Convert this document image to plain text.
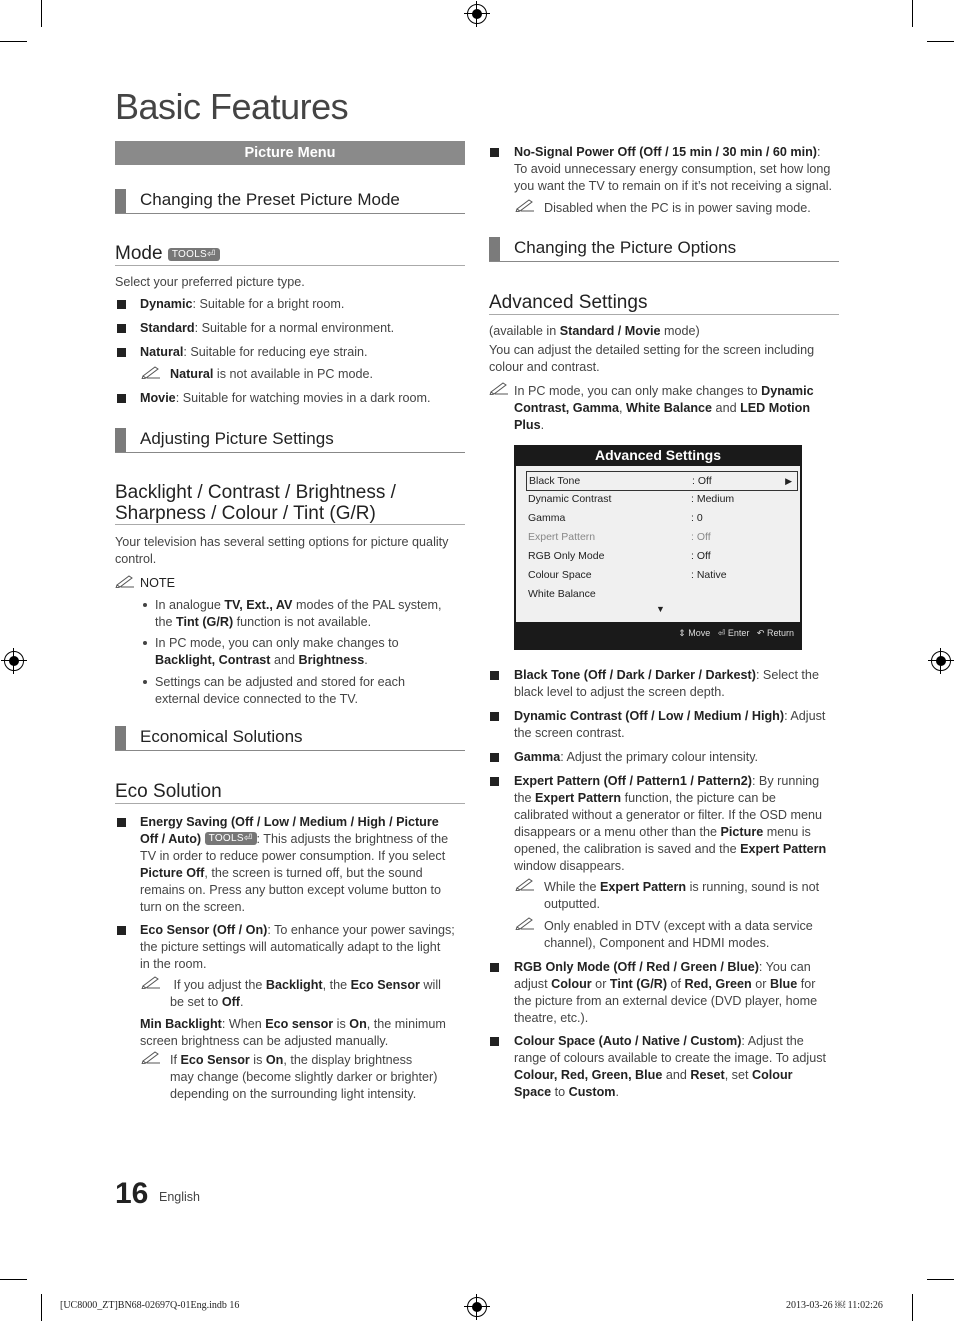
Basic Features
Picture Menu
Changing the Preset Picture Mode
Mode TOOLS⏎
Select your preferred picture type.
Dynamic: Suitable for a bright room.
Standard: Suitable for a normal environment.
Natural: Suitable for reducing eye strain.
Natural is not available in PC mode.
Movie: Suitable for watching movies in a dark room.
Adjusting Picture Settings
Backlight / Contrast / Brightness /
Sharpness / Colour / Tint (G/R)
Your television has several setting options for picture quality
control.
NOTE
In analogue TV, Ext., AV modes of the PAL system,
the Tint (G/R) function is not available.
In PC mode, you can only make changes to
Backlight, Contrast and Brightness.
Settings can be adjusted and stored for each
external device connected to the TV.
Economical Solutions
Eco Solution
Energy Saving (Off / Low / Medium / High / Picture
Off / Auto) TOOLS⏎ : This adjusts the brightness of the
TV in order to reduce power consumption. If you select
Picture Off, the screen is turned off, but the sound
remains on. Press any button except volume button to
turn on the screen.
Eco Sensor (Off / On): To enhance your power savings;
the picture settings will automatically adapt to the light
in the room.
If you adjust the Backlight, the Eco Sensor will
be set to Off.
Min Backlight: When Eco sensor is On, the minimum
screen brightness can be adjusted manually.
If Eco Sensor is On, the display brightness
may change (become slightly darker or brighter)
depending on the surrounding light intensity.
No-Signal Power Off (Off / 15 min / 30 min / 60 min):
To avoid unnecessary energy consumption, set how long
you want the TV to remain on if it’s not receiving a signal.
Disabled when the PC is in power saving mode.
Changing the Picture Options
Advanced Settings
(available in Standard / Movie mode)
You can adjust the detailed setting for the screen including
colour and contrast.
In PC mode, you can only make changes to Dynamic
Contrast, Gamma, White Balance and LED Motion
Plus.
Advanced Settings
Black Tone	: Off	▶
Dynamic Contrast	: Medium
Gamma	: 0
Expert Pattern	: Off
RGB Only Mode	: Off
Colour Space	: Native
White Balance
▼
⇕ Move ⏎ Enter ↶ Return
Black Tone (Off / Dark / Darker / Darkest): Select the
black level to adjust the screen depth.
Dynamic Contrast (Off / Low / Medium / High): Adjust
the screen contrast.
Gamma: Adjust the primary colour intensity.
Expert Pattern (Off / Pattern1 / Pattern2): By running
the Expert Pattern function, the picture can be
calibrated without a generator or filter. If the OSD menu
disappears or a menu other than the Picture menu is
opened, the calibration is saved and the Expert Pattern
window disappears.
While the Expert Pattern is running, sound is not
outputted.
Only enabled in DTV (except with a data service
channel), Component and HDMI modes.
RGB Only Mode (Off / Red / Green / Blue): You can
adjust Colour or Tint (G/R) of Red, Green or Blue for
the picture from an external device (DVD player, home
theatre, etc.).
Colour Space (Auto / Native / Custom): Adjust the
range of colours available to create the image. To adjust
Colour, Red, Green, Blue and Reset, set Colour
Space to Custom.
16 English
[UC8000_ZT]BN68-02697Q-01Eng.indb 16	2013-03-26 ￼ 11:02:26
